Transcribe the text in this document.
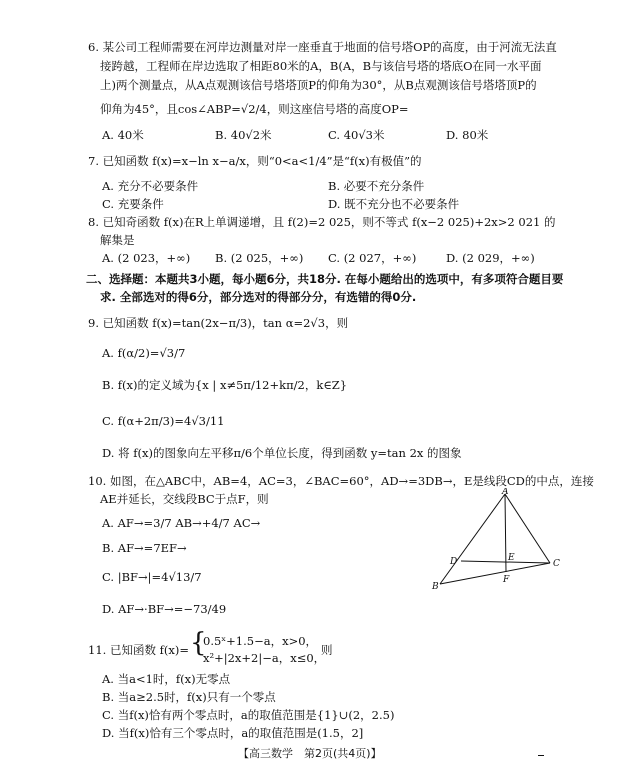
6. 某公司工程师需要在河岸边测量对岸一座垂直于地面的信号塔OP的高度，由于河流无法直
接跨越，工程师在岸边选取了相距80米的A，B(A，B与该信号塔的塔底O在同一水平面
上)两个测量点，从A点观测该信号塔塔顶P的仰角为30°，从B点观测该信号塔塔顶P的
仰角为45°，且cos∠ABP=√2/4，则这座信号塔的高度OP=
A. 40米	B. 40√2米	C. 40√3米	D. 80米
7. 已知函数 f(x)=x−ln x−a/x，则“0<a<1/4”是“f(x)有极值”的
A. 充分不必要条件	B. 必要不充分条件
C. 充要条件	D. 既不充分也不必要条件
8. 已知奇函数 f(x)在R上单调递增，且 f(2)=2 025，则不等式 f(x−2 025)+2x>2 021 的
解集是
A. (2 023，+∞) B. (2 025，+∞) C. (2 027，+∞)	D. (2 029，+∞)
二、选择题：本题共3小题，每小题6分，共18分. 在每小题给出的选项中，有多项符合题目要
求. 全部选对的得6分，部分选对的得部分分，有选错的得0分.
9. 已知函数 f(x)=tan(2x−π/3)，tan α=2√3，则
A. f(α/2)=√3/7
B. f(x)的定义域为{x | x≠5π/12+kπ/2，k∈Z}
C. f(α+2π/3)=4√3/11
D. 将 f(x)的图象向左平移π/6个单位长度，得到函数 y=tan 2x 的图象
10. 如图，在△ABC中，AB=4，AC=3，∠BAC=60°，AD→=3DB→，E是线段CD的中点，连接
AE并延长，交线段BC于点F，则
A. AF→=3/7 AB→+4/7 AC→
B. AF→=7EF→
C. |BF→|=4√13/7
D. AF→·BF→=−73/49
A
D	E
C
F
B
11. 已知函数 f(x)= {
0.5ˣ+1.5−a，x>0，
x²+|2x+2|−a，x≤0，
则
A. 当a<1时，f(x)无零点
B. 当a≥2.5时，f(x)只有一个零点
C. 当f(x)恰有两个零点时，a的取值范围是{1}∪(2，2.5)
D. 当f(x)恰有三个零点时，a的取值范围是(1.5，2]
【高三数学　第2页(共4页)】
